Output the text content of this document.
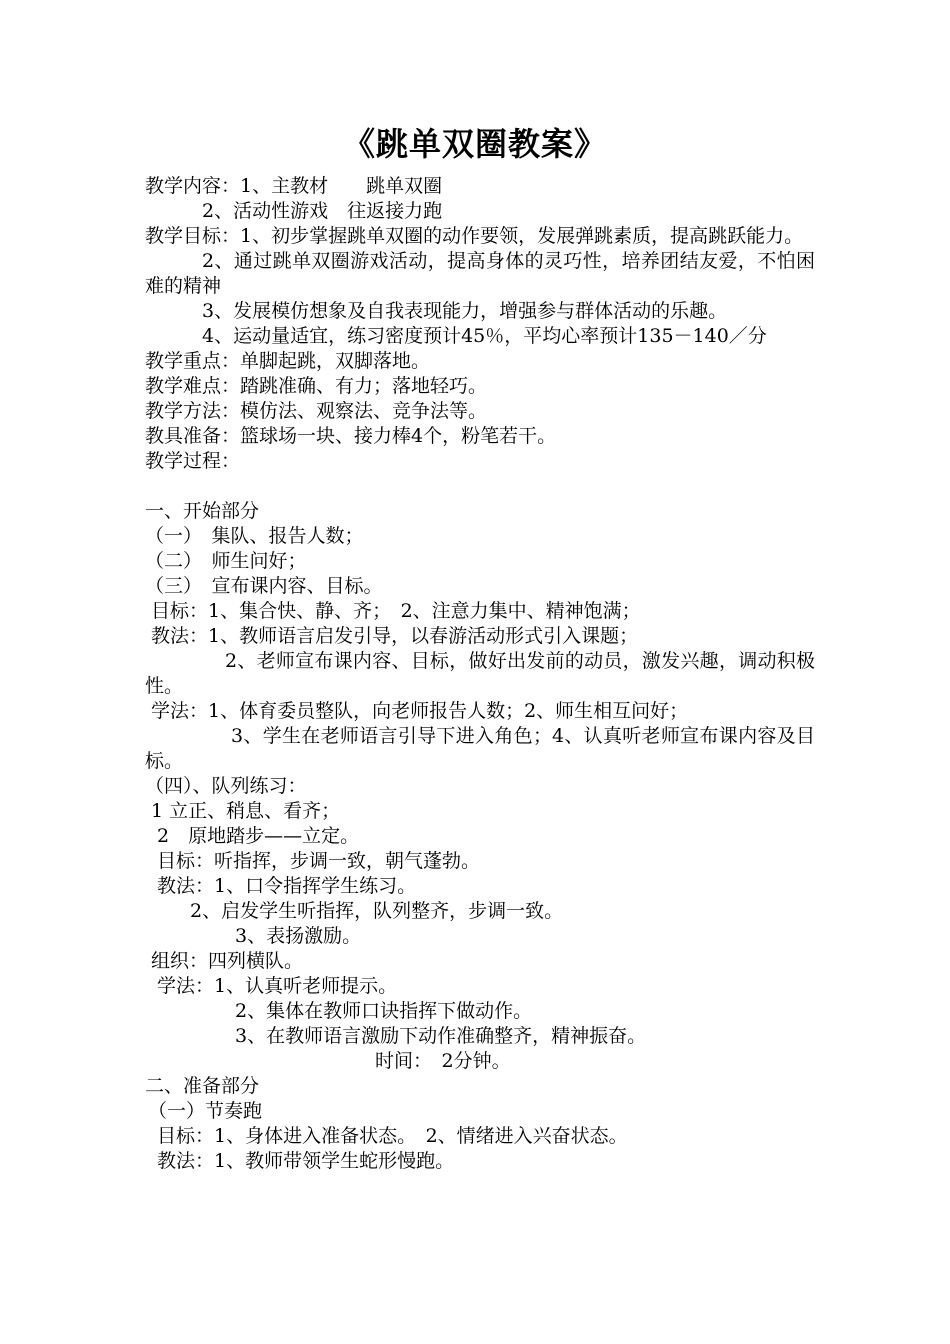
《跳单双圈教案》

教学内容：1、主教材　　跳单双圈

2、活动性游戏　往返接力跑

教学目标：1、初步掌握跳单双圈的动作要领，发展弹跳素质，提高跳跃能力。

2、通过跳单双圈游戏活动，提高身体的灵巧性，培养团结友爱，不怕困难的精神

3、发展模仿想象及自我表现能力，增强参与群体活动的乐趣。

4、运动量适宜，练习密度预计45％，平均心率预计135－140／分

教学重点：单脚起跳，双脚落地。

教学难点：踏跳准确、有力；落地轻巧。

教学方法：模仿法、观察法、竞争法等。

教具准备：篮球场一块、接力棒4个，粉笔若干。

教学过程：

一、开始部分

（一）　集队、报告人数；

（二）　师生问好；

（三）　宣布课内容、目标。

目标：1、集合快、静、齐；　2、注意力集中、精神饱满；

教法：1、教师语言启发引导，以春游活动形式引入课题；

2、老师宣布课内容、目标，做好出发前的动员，激发兴趣，调动积极性。

学法：1、体育委员整队，向老师报告人数；2、师生相互问好；

3、学生在老师语言引导下进入角色；4、认真听老师宣布课内容及目标。

（四）、队列练习：

1 立正、稍息、看齐；

2　原地踏步——立定。

目标：听指挥，步调一致，朝气蓬勃。

教法：1、口令指挥学生练习。

2、启发学生听指挥，队列整齐，步调一致。

3、表扬激励。

组织：四列横队。

学法：1、认真听老师提示。

2、集体在教师口诀指挥下做动作。

3、在教师语言激励下动作准确整齐，精神振奋。

时间：　2分钟。

二、准备部分

（一）节奏跑

目标：1、身体进入准备状态。　2、情绪进入兴奋状态。

教法：1、教师带领学生蛇形慢跑。
